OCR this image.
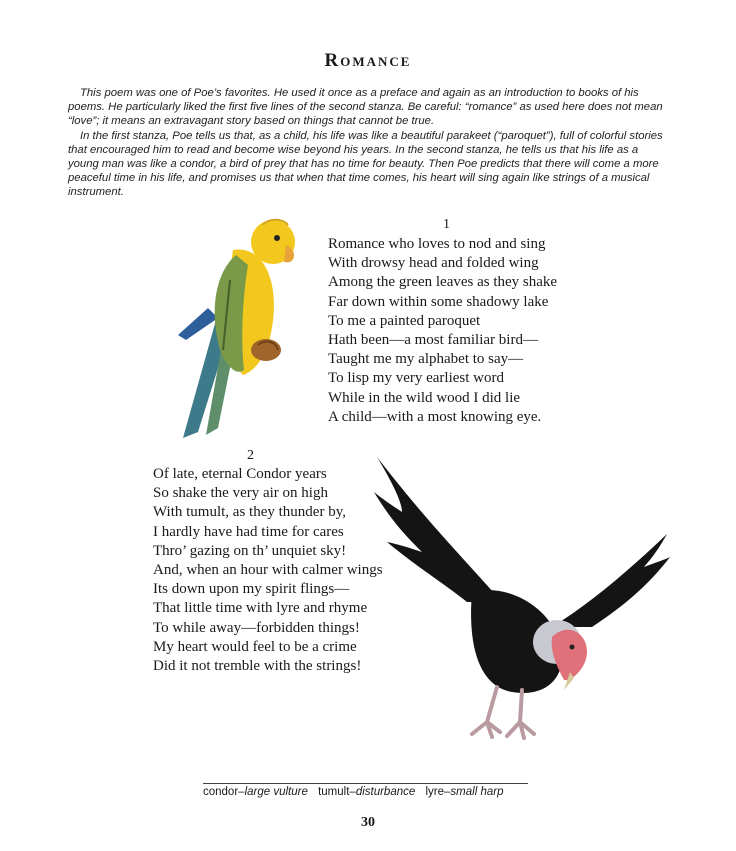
Romance

This poem was one of Poe’s favorites. He used it once as a preface and again as an introduction to books of his poems. He particularly liked the first five lines of the second stanza. Be careful: “romance” as used here does not mean “love”; it means an extravagant story based on things that cannot be true.

In the first stanza, Poe tells us that, as a child, his life was like a beautiful parakeet (“paroquet”), full of colorful stories that encouraged him to read and become wise beyond his years. In the second stanza, he tells us that his life as a young man was like a condor, a bird of prey that has no time for beauty. Then Poe predicts that there will come a more peaceful time in his life, and promises us that when that time comes, his heart will sing again like strings of a musical instrument.

1
Romance who loves to nod and sing
With drowsy head and folded wing
Among the green leaves as they shake
Far down within some shadowy lake
To me a painted paroquet
Hath been—a most familiar bird—
Taught me my alphabet to say—
To lisp my very earliest word
While in the wild wood I did lie
A child—with a most knowing eye.
2
Of late, eternal Condor years
So shake the very air on high
With tumult, as they thunder by,
I hardly have had time for cares
Thro’ gazing on th’ unquiet sky!
And, when an hour with calmer wings
Its down upon my spirit flings—
That little time with lyre and rhyme
To while away—forbidden things!
My heart would feel to be a crime
Did it not tremble with the strings!
condor–large vulture tumult–disturbance lyre–small harp
30
